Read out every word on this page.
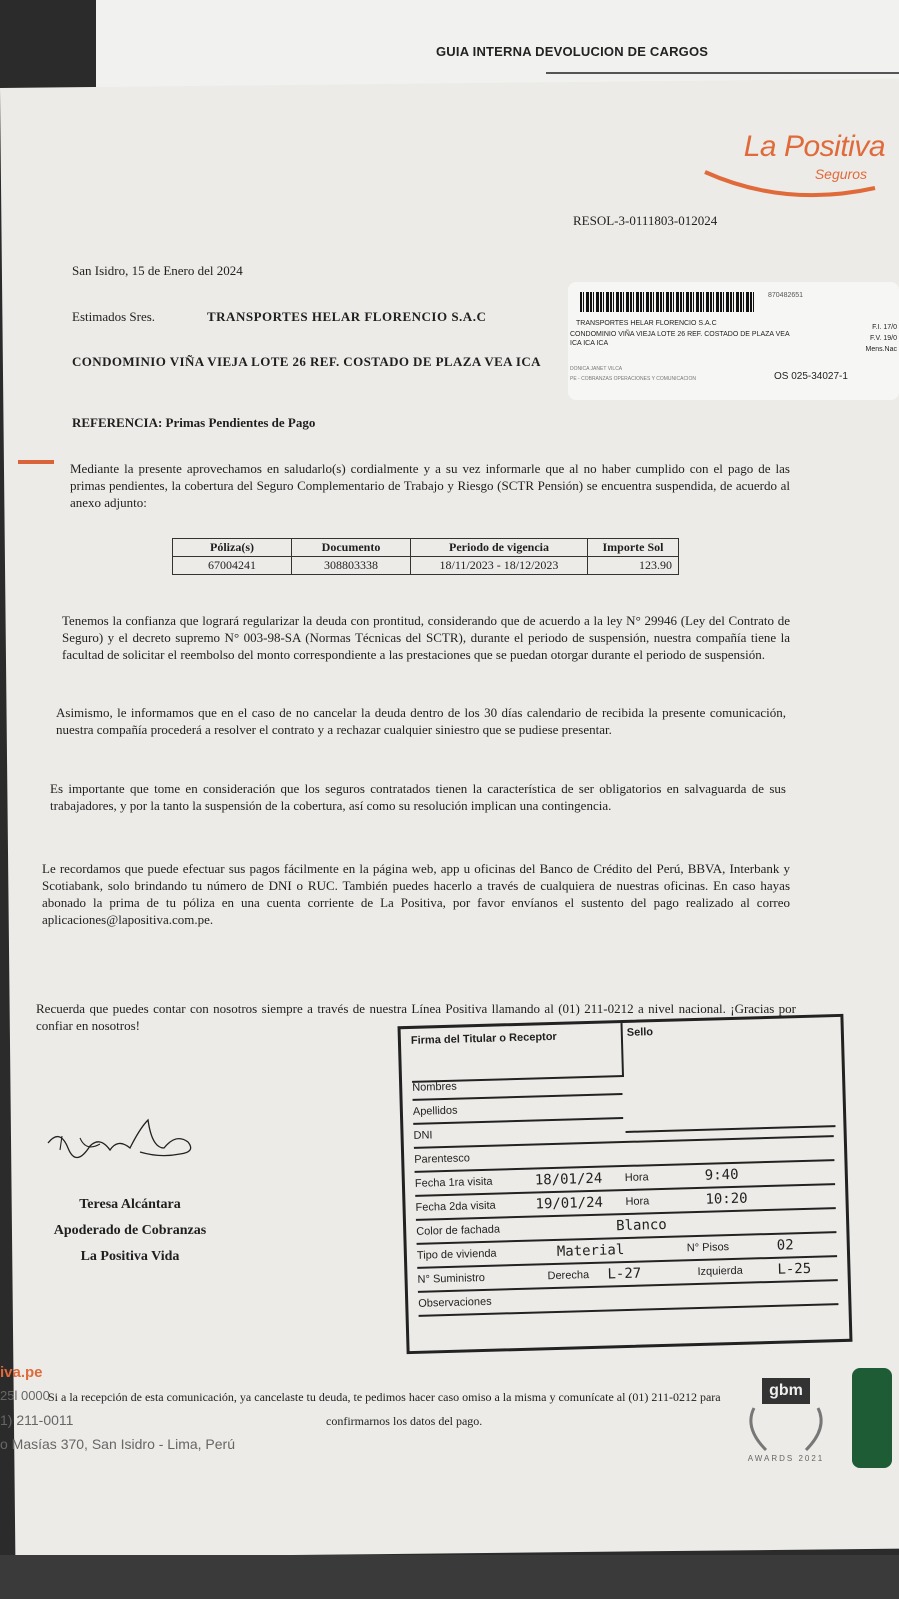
GUIA INTERNA DEVOLUCION DE CARGOS
La Positiva
Seguros
RESOL-3-0111803-012024
San Isidro, 15 de Enero del 2024
Estimados Sres.	TRANSPORTES HELAR FLORENCIO S.A.C
CONDOMINIO VIÑA VIEJA LOTE 26 REF. COSTADO DE PLAZA VEA ICA
870482651
TRANSPORTES HELAR FLORENCIO S.A.C
CONDOMINIO VIÑA VIEJA LOTE 26 REF. COSTADO DE PLAZA VEA ICA ICA ICA
DONICA JANET VILCA
PE - COBRANZAS OPERACIONES Y COMUNICACION	OS 025-34027-1
F.I. 17/0
F.V. 19/0
Mens.Nac
REFERENCIA: Primas Pendientes de Pago
Mediante la presente aprovechamos en saludarlo(s) cordialmente y a su vez informarle que al no haber cumplido con el pago de las primas pendientes, la cobertura del Seguro Complementario de Trabajo y Riesgo (SCTR Pensión) se encuentra suspendida, de acuerdo al anexo adjunto:
Póliza(s)	Documento	Periodo de vigencia	Importe Sol
67004241	308803338	18/11/2023 - 18/12/2023	123.90
Tenemos la confianza que logrará regularizar la deuda con prontitud, considerando que de acuerdo a la ley N° 29946 (Ley del Contrato de Seguro) y el decreto supremo N° 003-98-SA (Normas Técnicas del SCTR), durante el periodo de suspensión, nuestra compañía tiene la facultad de solicitar el reembolso del monto correspondiente a las prestaciones que se puedan otorgar durante el periodo de suspensión.
Asimismo, le informamos que en el caso de no cancelar la deuda dentro de los 30 días calendario de recibida la presente comunicación, nuestra compañía procederá a resolver el contrato y a rechazar cualquier siniestro que se pudiese presentar.
Es importante que tome en consideración que los seguros contratados tienen la característica de ser obligatorios en salvaguarda de sus trabajadores, y por la tanto la suspensión de la cobertura, así como su resolución implican una contingencia.
Le recordamos que puede efectuar sus pagos fácilmente en la página web, app u oficinas del Banco de Crédito del Perú, BBVA, Interbank y Scotiabank, solo brindando tu número de DNI o RUC. También puedes hacerlo a través de cualquiera de nuestras oficinas. En caso hayas abonado la prima de tu póliza en una cuenta corriente de La Positiva, por favor envíanos el sustento del pago realizado al correo aplicaciones@lapositiva.com.pe.
Recuerda que puedes contar con nosotros siempre a través de nuestra Línea Positiva llamando al (01) 211-0212 a nivel nacional. ¡Gracias por confiar en nosotros!
Teresa Alcántara
Apoderado de Cobranzas
La Positiva Vida
Firma del Titular o Receptor	Sello
Nombres
Apellidos
DNI
Parentesco
Fecha 1ra visita	18/01/24 Hora	9:40
Fecha 2da visita	19/01/24 Hora	10:20
Color de fachada	Blanco
Tipo de vivienda	Material	N° Pisos	02
N° Suministro	Derecha L-27	Izquierda L-25
Observaciones
iva.pe
25l 0000
1) 211-0011
o Masías 370, San Isidro - Lima, Perú
Si a la recepción de esta comunicación, ya cancelaste tu deuda, te pedimos hacer caso omiso a la misma y comunícate al (01) 211-0212 para
confirmarnos los datos del pago.
gbm
AWARDS 2021
